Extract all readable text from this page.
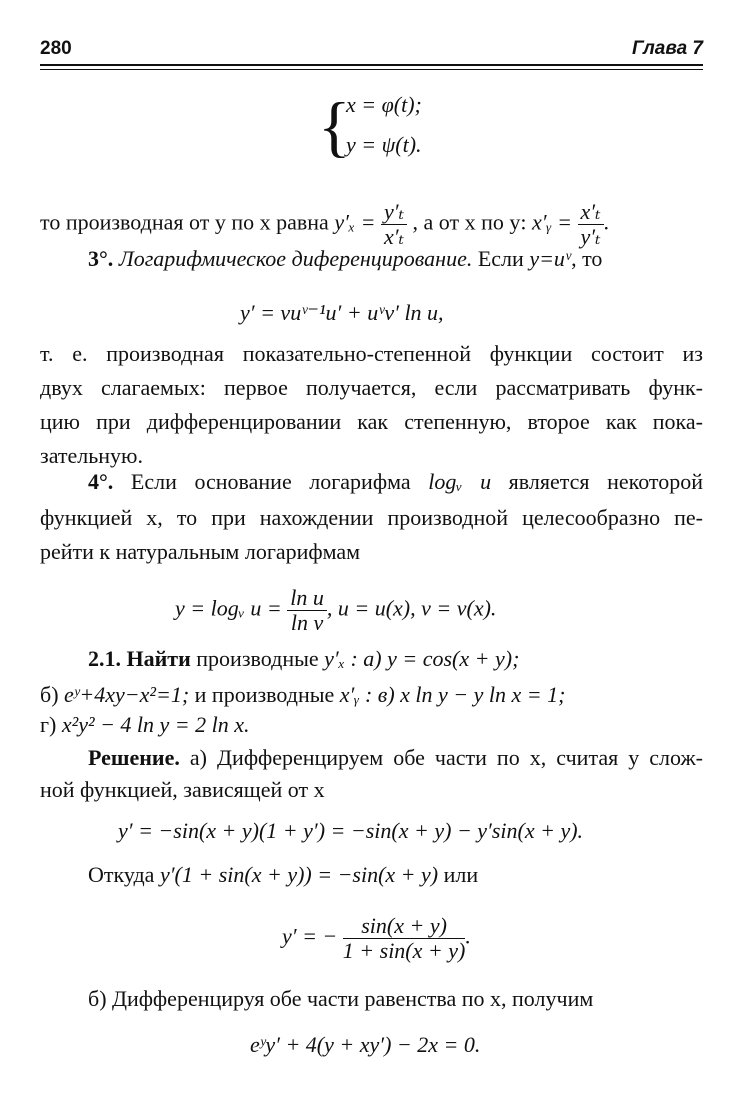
280	Глава 7
{
x = φ(t);
y = ψ(t).
то производная от y по x равна $y'_x = \frac{\text{y′ₜ}}{\text{x′ₜ}}$ , а от x по y: x′ᵧ = $\frac{\text{x′ₜ}}{\text{y′ₜ}}$ .
3°. Логарифмическое диференцирование. Если y=uᵛ, то
y′ = vuᵛ⁻¹u′ + uᵛv′ ln u,
т. е. производная показательно-степенной функции состоит из
двух слагаемых: первое получается, если рассматривать функ-
цию при дифференцировании как степенную, второе как пока-
зательную.
4°. Если основание логарифма logᵥ u является некоторой
функцией x, то при нахождении производной целесообразно пе-
рейти к натуральным логарифмам
y = logᵥ $u = \frac{\text{ln u}}{\text{ln v}}$ , u = u(x), v = v(x).
2.1. Найти производные y′ₓ : а) y = cos(x + y);
б) eʸ+4xy−x²=1; и производные x′ᵧ : в) x ln y − y ln x = 1;
г) x²y² − 4 ln y = 2 ln x.
Решение. а) Дифференцируем обе части по x, считая y слож-
ной функцией, зависящей от x
y′ = −sin(x + y)(1 + y′) = −sin(x + y) − y′sin(x + y).
Откуда y′(1 + sin(x + y)) = −sin(x + y) или
y′ = − $\frac{\sin(x + y)}{1 + \sin(x + y)}$ .
б) Дифференцируя обе части равенства по x, получим
eʸy′ + 4(y + xy′) − 2x = 0.
